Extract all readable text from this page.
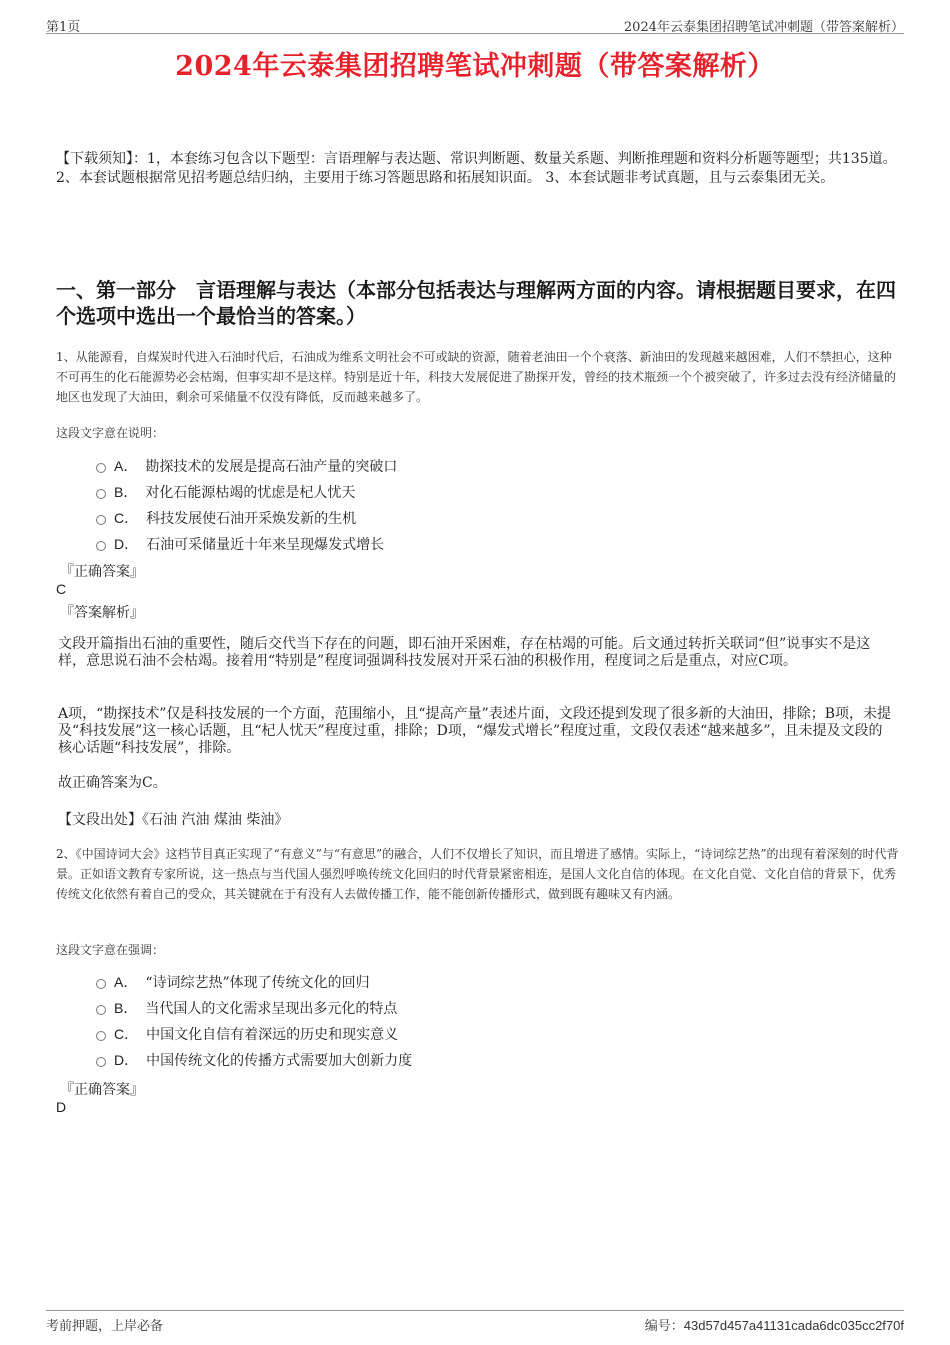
第1页	2024年云泰集团招聘笔试冲刺题（带答案解析）
2024年云泰集团招聘笔试冲刺题（带答案解析）

【下载须知】：1，本套练习包含以下题型：言语理解与表达题、常识判断题、数量关系题、判断推理题和资料分析题等题型；共135道。 2、本套试题根据常见招考题总结归纳，主要用于练习答题思路和拓展知识面。 3、本套试题非考试真题，且与云泰集团无关。

一、第一部分　言语理解与表达（本部分包括表达与理解两方面的内容。请根据题目要求，在四个选项中选出一个最恰当的答案。）

1、从能源看，自煤炭时代进入石油时代后，石油成为维系文明社会不可或缺的资源，随着老油田一个个衰落、新油田的发现越来越困难，人们不禁担心，这种不可再生的化石能源势必会枯竭，但事实却不是这样。特别是近十年，科技大发展促进了勘探开发，曾经的技术瓶颈一个个被突破了，许多过去没有经济储量的地区也发现了大油田，剩余可采储量不仅没有降低，反而越来越多了。

这段文字意在说明：

A． 勘探技术的发展是提高石油产量的突破口
B． 对化石能源枯竭的忧虑是杞人忧天
C． 科技发展使石油开采焕发新的生机
D． 石油可采储量近十年来呈现爆发式增长

『正确答案』

C

『答案解析』

文段开篇指出石油的重要性，随后交代当下存在的问题，即石油开采困难，存在枯竭的可能。后文通过转折关联词“但”说事实不是这样，意思说石油不会枯竭。接着用“特别是”程度词强调科技发展对开采石油的积极作用，程度词之后是重点，对应C项。

A项，“勘探技术”仅是科技发展的一个方面，范围缩小，且“提高产量”表述片面，文段还提到发现了很多新的大油田，排除；B项，未提及“科技发展”这一核心话题，且“杞人忧天”程度过重，排除；D项，“爆发式增长”程度过重，文段仅表述“越来越多”，且未提及文段的核心话题“科技发展”，排除。

故正确答案为C。

【文段出处】《石油 汽油 煤油 柴油》

2、《中国诗词大会》这档节目真正实现了“有意义”与“有意思”的融合，人们不仅增长了知识，而且增进了感情。实际上，“诗词综艺热”的出现有着深刻的时代背景。正如语文教育专家所说，这一热点与当代国人强烈呼唤传统文化回归的时代背景紧密相连，是国人文化自信的体现。在文化自觉、文化自信的背景下，优秀传统文化依然有着自己的受众，其关键就在于有没有人去做传播工作，能不能创新传播形式，做到既有趣味又有内涵。

这段文字意在强调：

A． “诗词综艺热”体现了传统文化的回归
B． 当代国人的文化需求呈现出多元化的特点
C． 中国文化自信有着深远的历史和现实意义
D． 中国传统文化的传播方式需要加大创新力度

『正确答案』

D

考前押题，上岸必备	编号：43d57d457a41131cada6dc035cc2f70f
